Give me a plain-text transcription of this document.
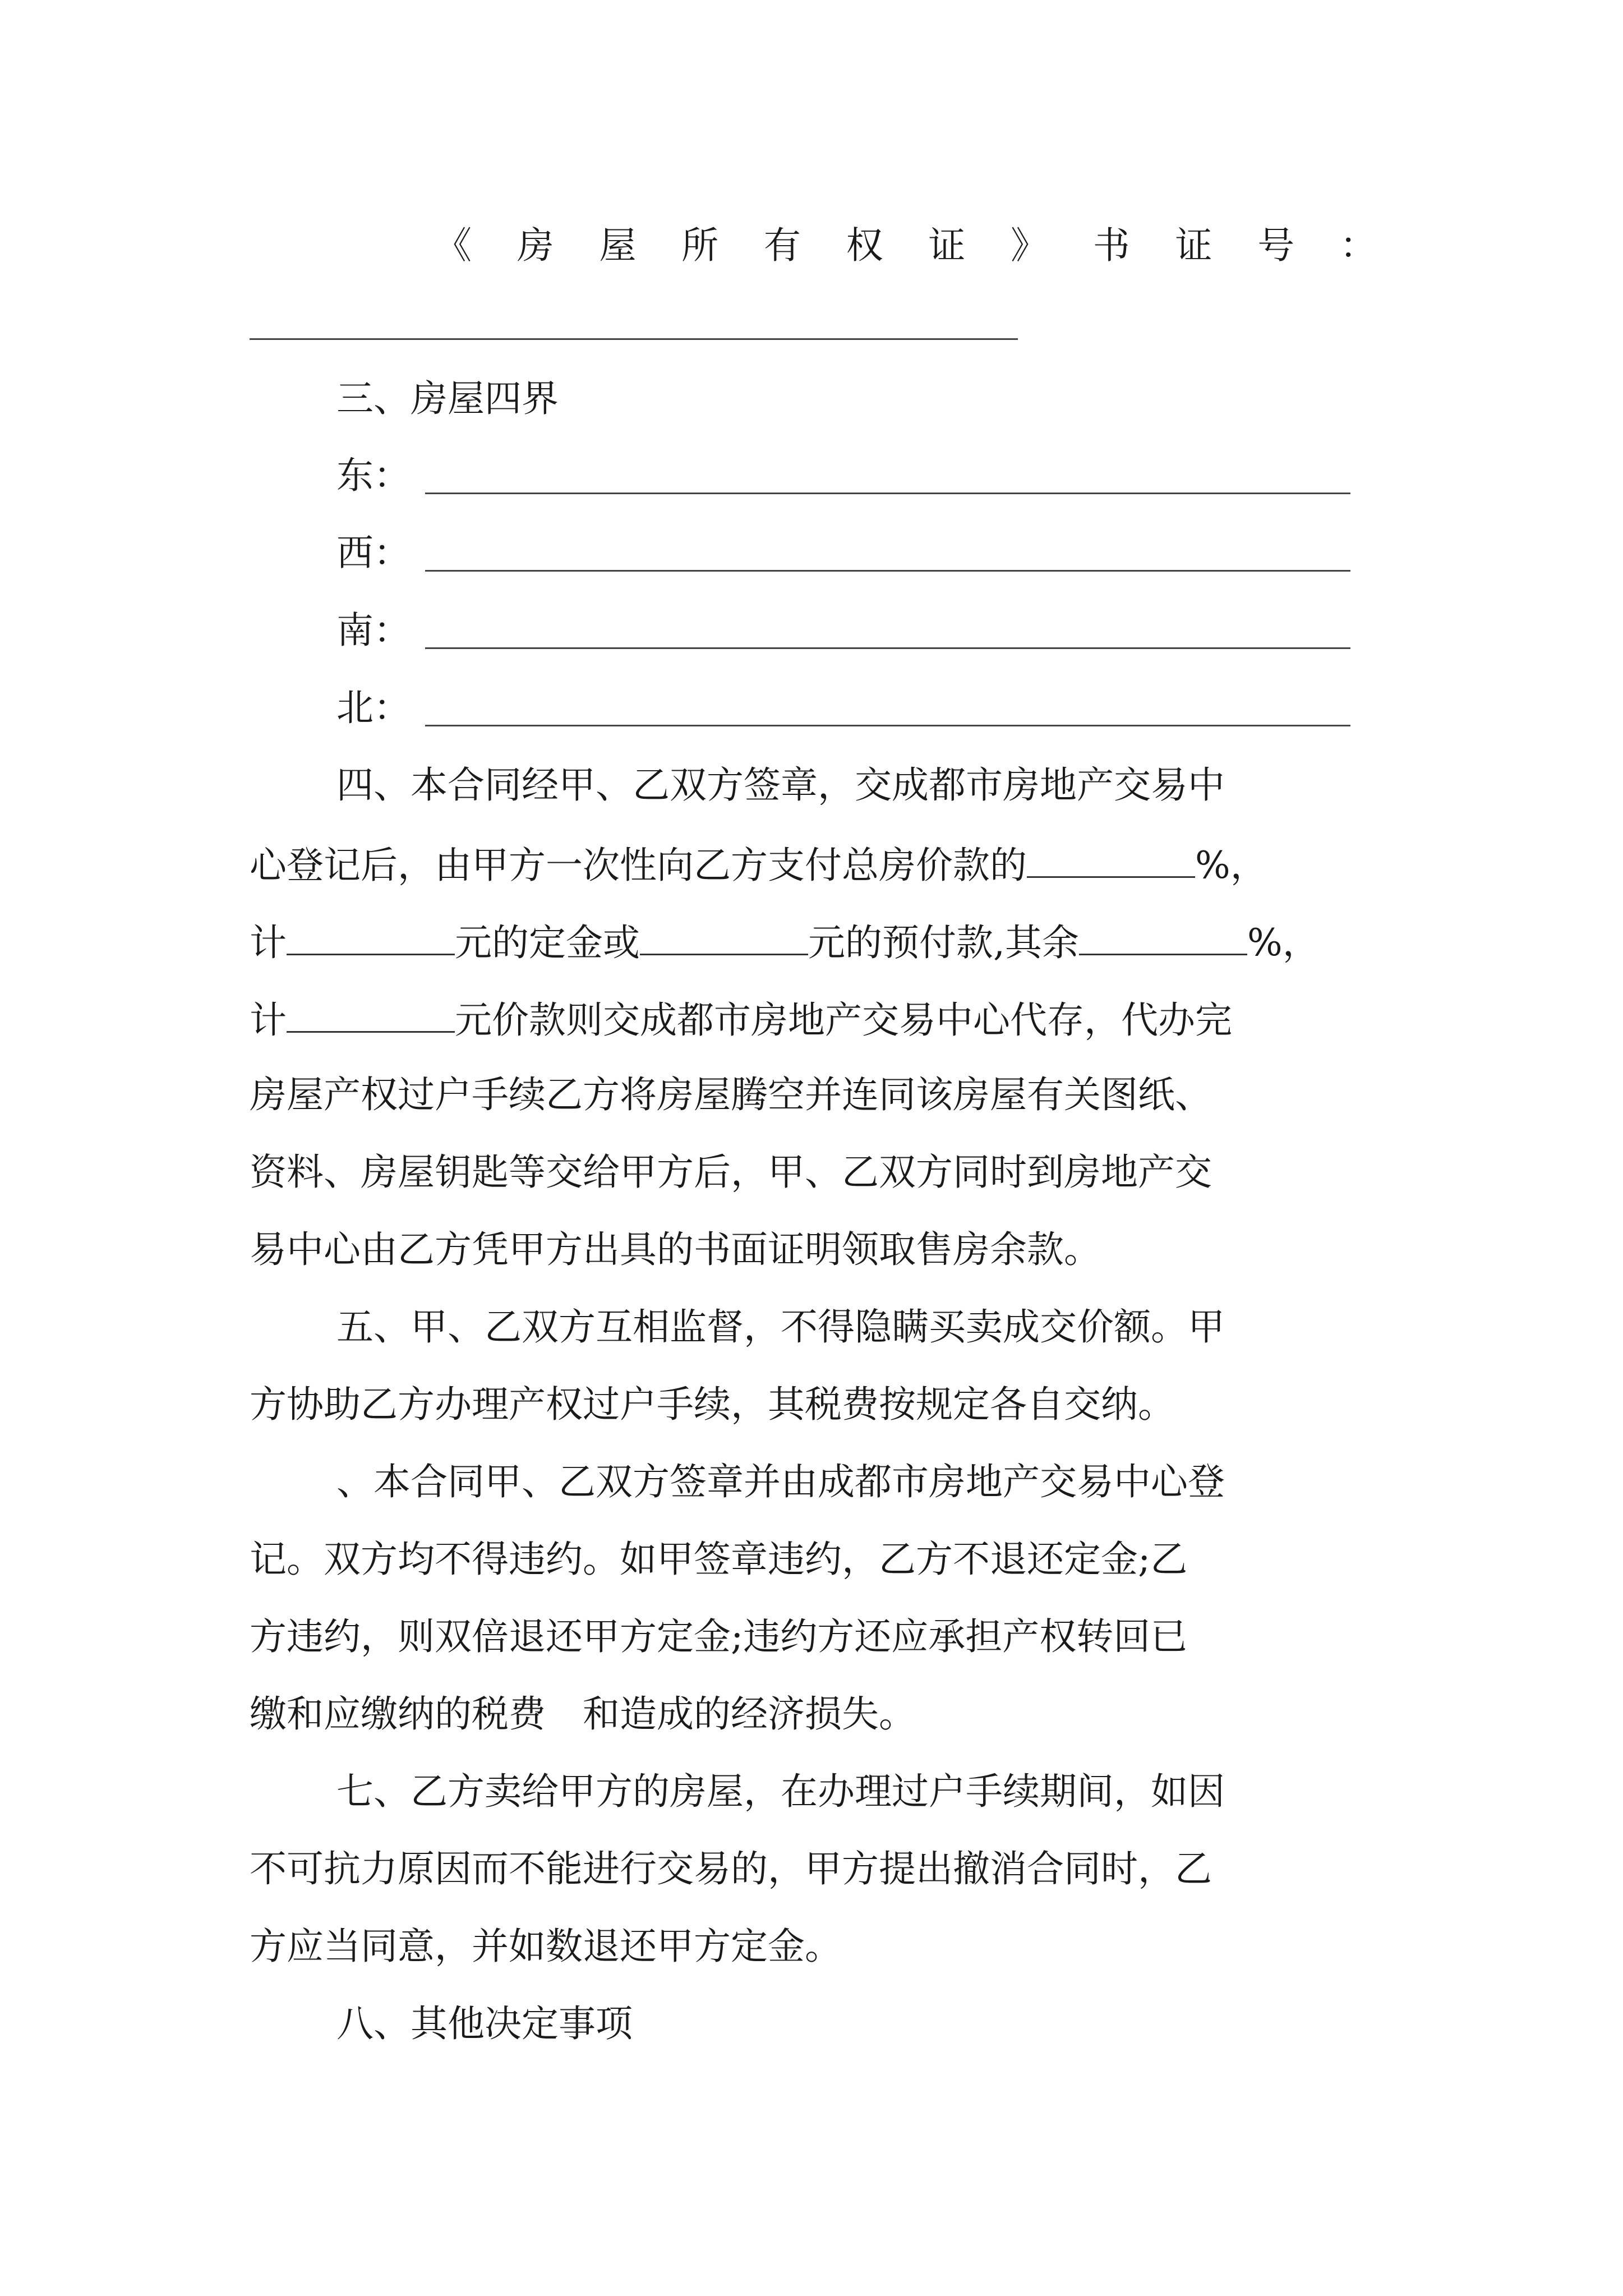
《 房 屋 所 有 权 证 》 书 证 号 ：
三、房屋四界
东：
西：
南：
北：
四、本合同经甲、乙双方签章，交成都市房地产交易中
心登记后，由甲方一次性向乙方支付总房价款的	%，
计	元的定金或	元的预付款,其余	%，
计	元价款则交成都市房地产交易中心代存，代办完
房屋产权过户手续乙方将房屋腾空并连同该房屋有关图纸、
资料、房屋钥匙等交给甲方后，甲、乙双方同时到房地产交
易中心由乙方凭甲方出具的书面证明领取售房余款。
五、甲、乙双方互相监督，不得隐瞒买卖成交价额。甲
方协助乙方办理产权过户手续，其税费按规定各自交纳。
、本合同甲、乙双方签章并由成都市房地产交易中心登
记。双方均不得违约。如甲签章违约，乙方不退还定金;乙
方违约，则双倍退还甲方定金;违约方还应承担产权转回已
缴和应缴纳的税费 和造成的经济损失。
七、乙方卖给甲方的房屋，在办理过户手续期间，如因
不可抗力原因而不能进行交易的，甲方提出撤消合同时，乙
方应当同意，并如数退还甲方定金。
八、其他决定事项
